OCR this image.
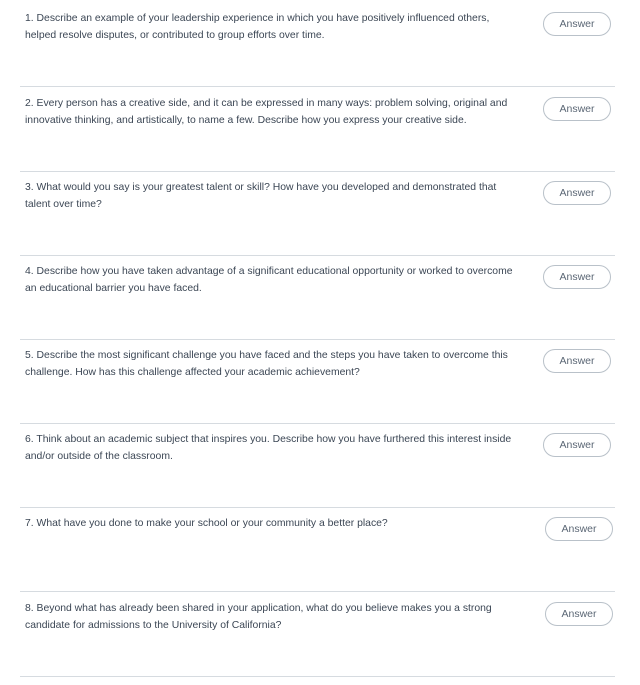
1. Describe an example of your leadership experience in which you have positively influenced others, helped resolve disputes, or contributed to group efforts over time.

Answer

2. Every person has a creative side, and it can be expressed in many ways: problem solving, original and innovative thinking, and artistically, to name a few. Describe how you express your creative side.

Answer

3. What would you say is your greatest talent or skill? How have you developed and demonstrated that talent over time?

Answer

4. Describe how you have taken advantage of a significant educational opportunity or worked to overcome an educational barrier you have faced.

Answer

5. Describe the most significant challenge you have faced and the steps you have taken to overcome this challenge. How has this challenge affected your academic achievement?

Answer

6. Think about an academic subject that inspires you. Describe how you have furthered this interest inside and/or outside of the classroom.

Answer

7. What have you done to make your school or your community a better place?	Answer

8. Beyond what has already been shared in your application, what do you believe makes you a strong candidate for admissions to the University of California?

Answer
